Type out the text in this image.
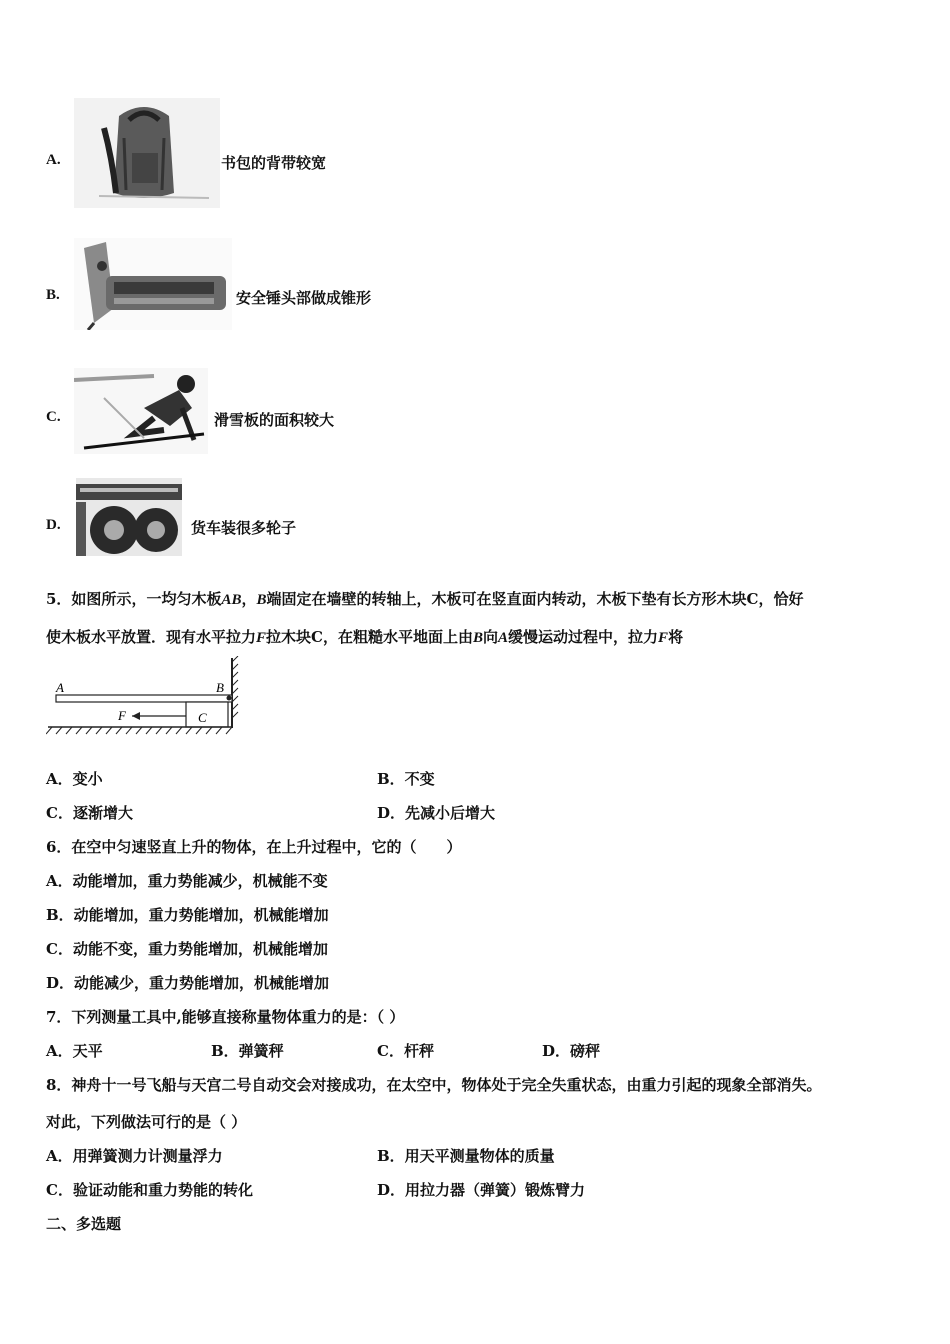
A.	书包的背带较宽
B.	安全锤头部做成锥形
C.	滑雪板的面积较大
D.	货车装很多轮子
5．如图所示，一均匀木板AB，B端固定在墙壁的转轴上，木板可在竖直面内转动，木板下垫有长方形木块C，恰好
使木板水平放置．现有水平拉力F拉木块C，在粗糙水平地面上由B向A缓慢运动过程中，拉力F将
A	B
F	C
A．变小	B．不变
C．逐渐增大	D．先减小后增大
6．在空中匀速竖直上升的物体，在上升过程中，它的（　　）
A．动能增加，重力势能减少，机械能不变
B．动能增加，重力势能增加，机械能增加
C．动能不变，重力势能增加，机械能增加
D．动能减少，重力势能增加，机械能增加
7．下列测量工具中,能够直接称量物体重力的是：（ ）
A．天平	B．弹簧秤	C．杆秤	D．磅秤
8．神舟十一号飞船与天宫二号自动交会对接成功，在太空中，物体处于完全失重状态，由重力引起的现象全部消失。
对此，下列做法可行的是（ ）
A．用弹簧测力计测量浮力	B．用天平测量物体的质量
C．验证动能和重力势能的转化	D．用拉力器（弹簧）锻炼臂力
二、多选题
